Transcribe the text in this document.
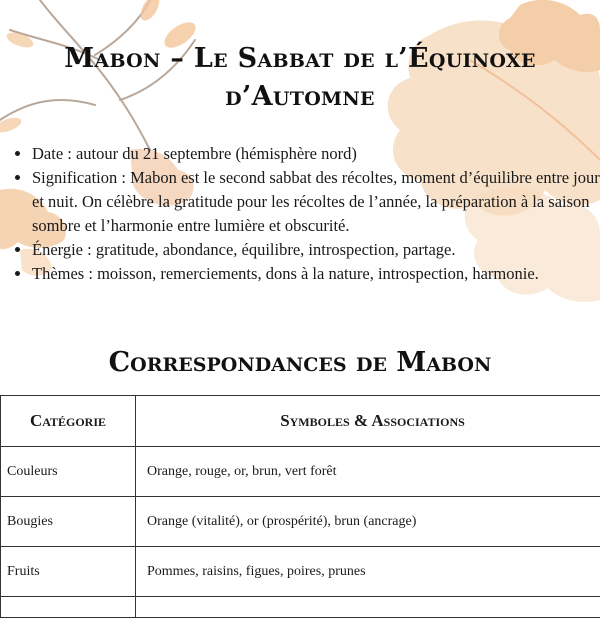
Mabon – Le Sabbat de l’Équinoxe d’Automne
• Date : autour du 21 septembre (hémisphère nord)
• Signification : Mabon est le second sabbat des récoltes, moment d’équilibre entre jour et nuit. On célèbre la gratitude pour les récoltes de l’année, la préparation à la saison sombre et l’harmonie entre lumière et obscurité.
• Énergie : gratitude, abondance, équilibre, introspection, partage.
• Thèmes : moisson, remerciements, dons à la nature, introspection, harmonie.
Correspondances de Mabon
Catégorie	Symboles & Associations
Couleurs	Orange, rouge, or, brun, vert forêt
Bougies	Orange (vitalité), or (prospérité), brun (ancrage)
Fruits	Pommes, raisins, figues, poires, prunes
